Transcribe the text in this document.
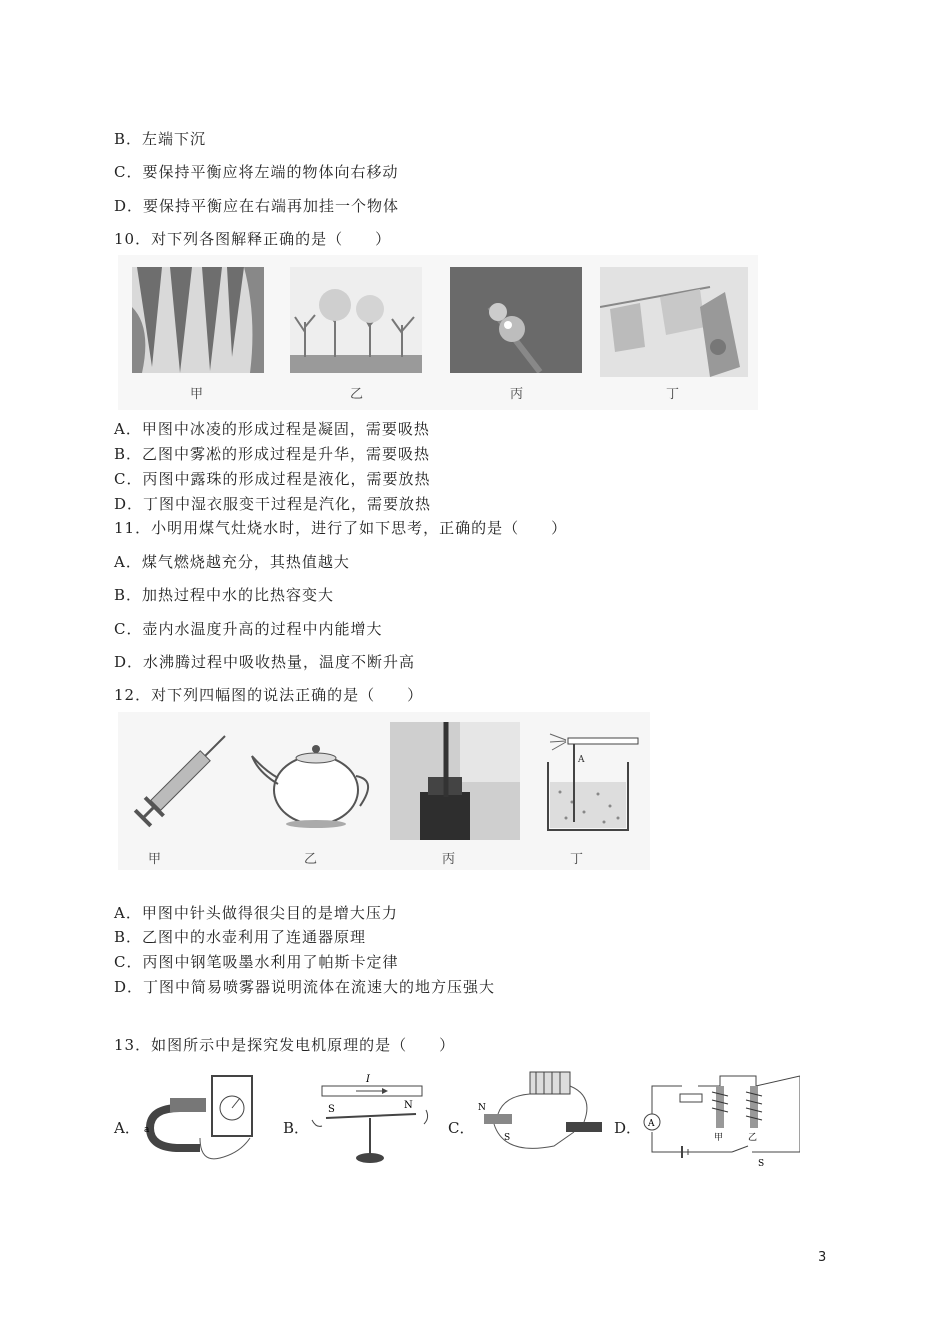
B．左端下沉
C．要保持平衡应将左端的物体向右移动
D．要保持平衡应在右端再加挂一个物体
10．对下列各图解释正确的是（　　）
甲	乙	丙	丁
A．甲图中冰凌的形成过程是凝固，需要吸热
B．乙图中雾凇的形成过程是升华，需要吸热
C．丙图中露珠的形成过程是液化，需要放热
D．丁图中湿衣服变干过程是汽化，需要放热
11．小明用煤气灶烧水时，进行了如下思考，正确的是（　　）
A．煤气燃烧越充分，其热值越大
B．加热过程中水的比热容变大
C．壶内水温度升高的过程中内能增大
D．水沸腾过程中吸收热量，温度不断升高
12．对下列四幅图的说法正确的是（　　）
甲	乙	丙
A
丁
A．甲图中针头做得很尖目的是增大压力
B．乙图中的水壶利用了连通器原理
C．丙图中钢笔吸墨水利用了帕斯卡定律
D．丁图中简易喷雾器说明流体在流速大的地方压强大
13．如图所示中是探究发电机原理的是（　　）
A． a	B．
I
S	N
C．
N
S
D． A
甲	乙
S
3
